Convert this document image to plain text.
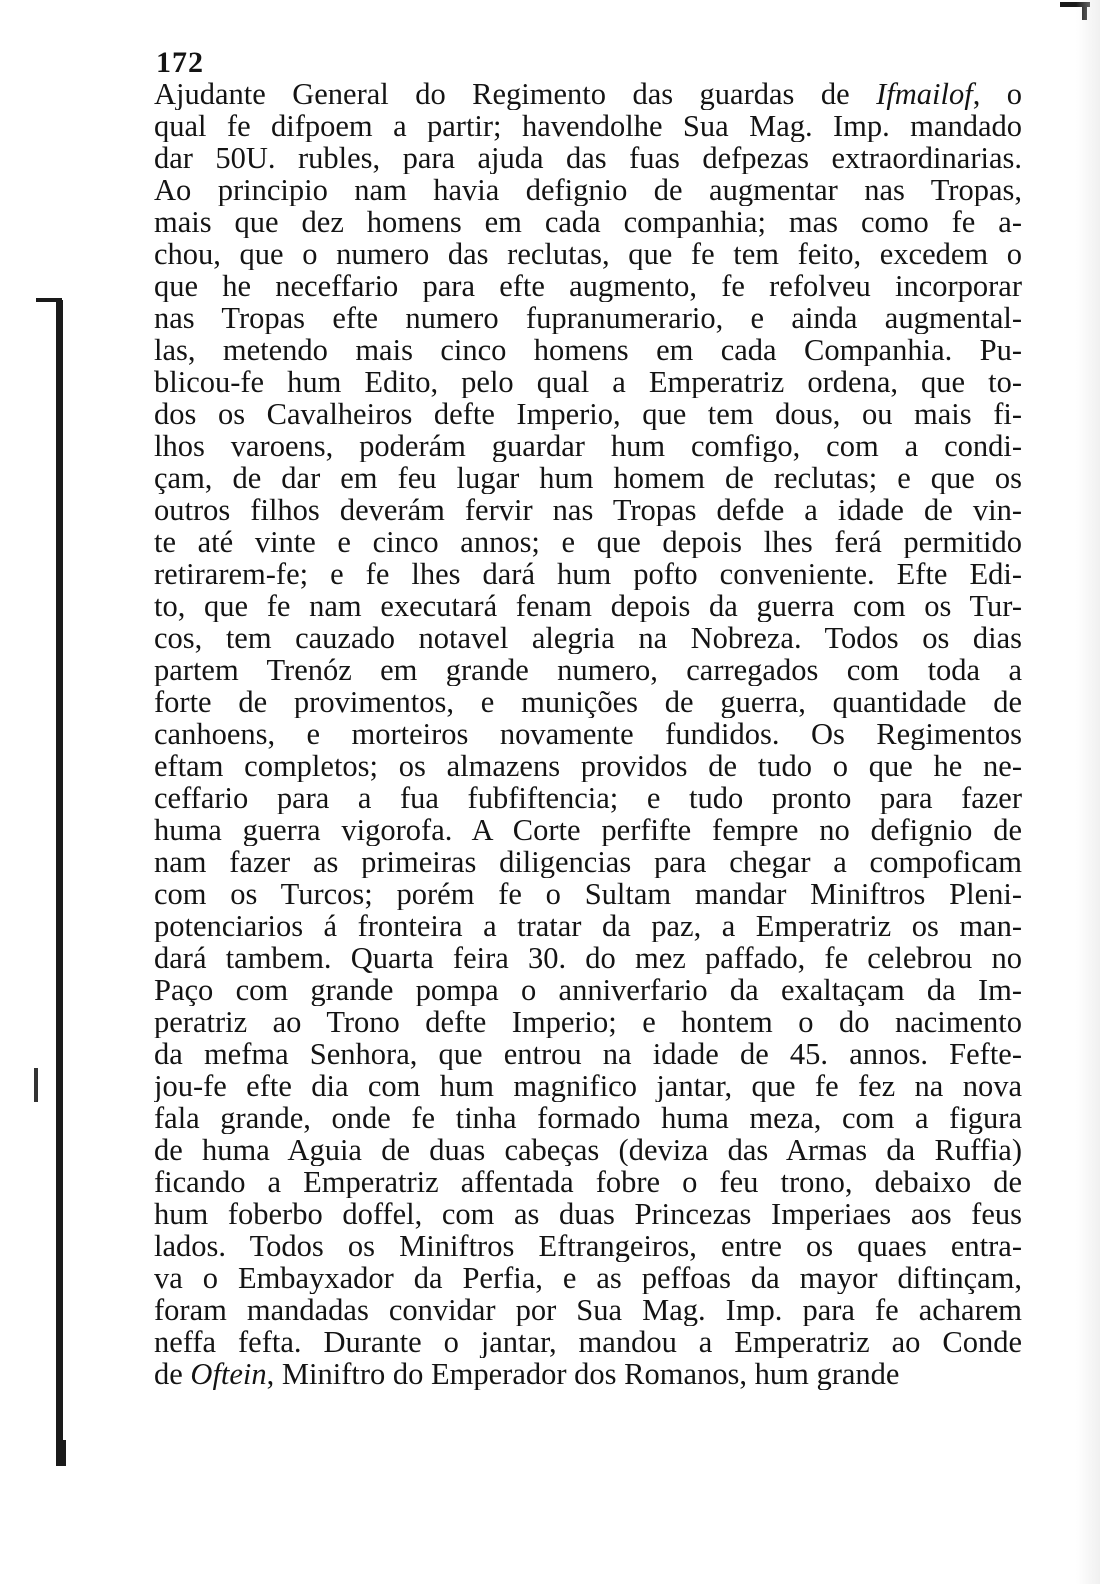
172
Ajudante General do Regimento das guardas de Ifmailof, o
qual fe difpoem a partir; havendolhe Sua Mag. Imp. mandado
dar 50U. rubles, para ajuda das fuas defpezas extraordinarias.
Ao principio nam havia defignio de augmentar nas Tropas,
mais que dez homens em cada companhia; mas como fe a-
chou, que o numero das reclutas, que fe tem feito, excedem o
que he neceffario para efte augmento, fe refolveu incorporar
nas Tropas efte numero fupranumerario, e ainda augmental-
las, metendo mais cinco homens em cada Companhia. Pu-
blicou-fe hum Edito, pelo qual a Emperatriz ordena, que to-
dos os Cavalheiros defte Imperio, que tem dous, ou mais fi-
lhos varoens, poderám guardar hum comfigo, com a condi-
çam, de dar em feu lugar hum homem de reclutas; e que os
outros filhos deverám fervir nas Tropas defde a idade de vin-
te até vinte e cinco annos; e que depois lhes ferá permitido
retirarem-fe; e fe lhes dará hum pofto conveniente. Efte Edi-
to, que fe nam executará fenam depois da guerra com os Tur-
cos, tem cauzado notavel alegria na Nobreza. Todos os dias
partem Trenóz em grande numero, carregados com toda a
forte de provimentos, e munições de guerra, quantidade de
canhoens, e morteiros novamente fundidos. Os Regimentos
eftam completos; os almazens providos de tudo o que he ne-
ceffario para a fua fubfiftencia; e tudo pronto para fazer
huma guerra vigorofa. A Corte perfifte fempre no defignio de
nam fazer as primeiras diligencias para chegar a compoficam
com os Turcos; porém fe o Sultam mandar Miniftros Pleni-
potenciarios á fronteira a tratar da paz, a Emperatriz os man-
dará tambem. Quarta feira 30. do mez paffado, fe celebrou no
Paço com grande pompa o anniverfario da exaltaçam da Im-
peratriz ao Trono defte Imperio; e hontem o do nacimento
da mefma Senhora, que entrou na idade de 45. annos. Fefte-
jou-fe efte dia com hum magnifico jantar, que fe fez na nova
fala grande, onde fe tinha formado huma meza, com a figura
de huma Aguia de duas cabeças (deviza das Armas da Ruffia)
ficando a Emperatriz affentada fobre o feu trono, debaixo de
hum foberbo doffel, com as duas Princezas Imperiaes aos feus
lados. Todos os Miniftros Eftrangeiros, entre os quaes entra-
va o Embayxador da Perfia, e as peffoas da mayor diftinçam,
foram mandadas convidar por Sua Mag. Imp. para fe acharem
neffa fefta. Durante o jantar, mandou a Emperatriz ao Conde
de Oftein, Miniftro do Emperador dos Romanos, hum grande
